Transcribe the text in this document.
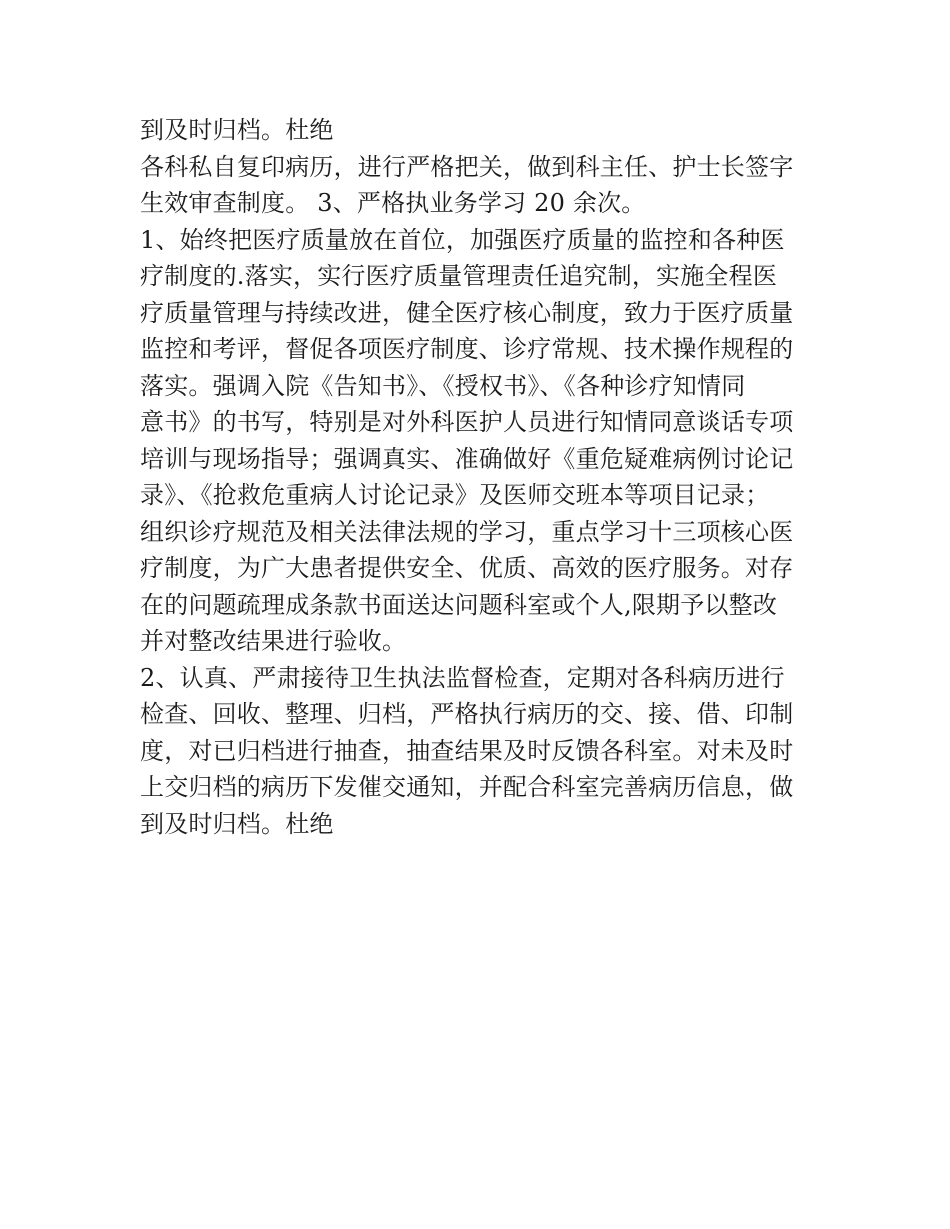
到及时归档。杜绝
各科私自复印病历，进行严格把关，做到科主任、护士长签字
生效审查制度。 3、严格执业务学习 20 余次。
1、始终把医疗质量放在首位，加强医疗质量的监控和各种医
疗制度的.落实，实行医疗质量管理责任追究制，实施全程医
疗质量管理与持续改进，健全医疗核心制度，致力于医疗质量
监控和考评，督促各项医疗制度、诊疗常规、技术操作规程的
落实。强调入院《告知书》、《授权书》、《各种诊疗知情同
意书》的书写，特别是对外科医护人员进行知情同意谈话专项
培训与现场指导；强调真实、准确做好《重危疑难病例讨论记
录》、《抢救危重病人讨论记录》及医师交班本等项目记录；
组织诊疗规范及相关法律法规的学习，重点学习十三项核心医
疗制度，为广大患者提供安全、优质、高效的医疗服务。对存
在的问题疏理成条款书面送达问题科室或个人,限期予以整改
并对整改结果进行验收。
2、认真、严肃接待卫生执法监督检查，定期对各科病历进行
检查、回收、整理、归档，严格执行病历的交、接、借、印制
度，对已归档进行抽查，抽查结果及时反馈各科室。对未及时
上交归档的病历下发催交通知，并配合科室完善病历信息，做
到及时归档。杜绝
